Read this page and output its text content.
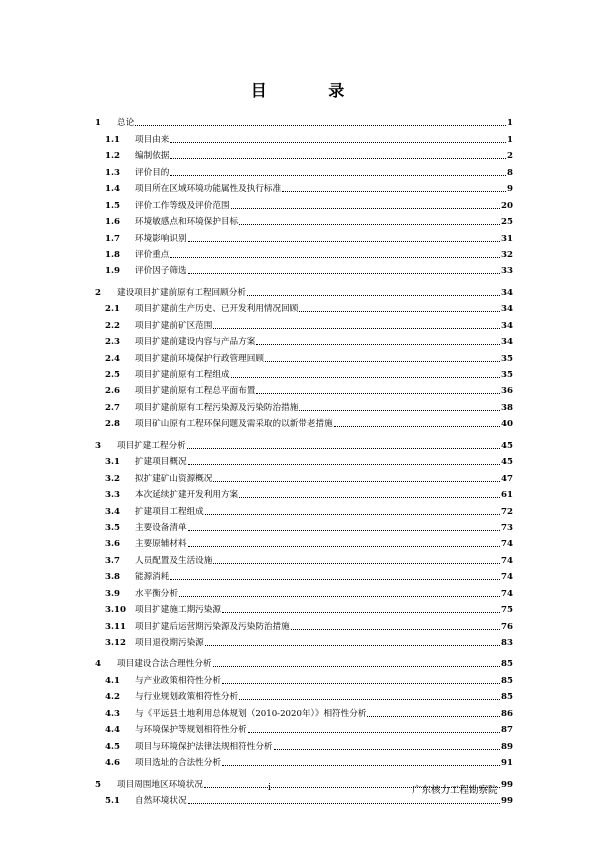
目 录
1	总论	1
1.1	项目由来	1
1.2	编制依据	2
1.3	评价目的	8
1.4	项目所在区域环境功能属性及执行标准	9
1.5	评价工作等级及评价范围	20
1.6	环境敏感点和环境保护目标	25
1.7	环境影响识别	31
1.8	评价重点	32
1.9	评价因子筛选	33
2	建设项目扩建前原有工程回顾分析	34
2.1	项目扩建前生产历史、已开发利用情况回顾	34
2.2	项目扩建前矿区范围	34
2.3	项目扩建前建设内容与产品方案	34
2.4	项目扩建前环境保护行政管理回顾	35
2.5	项目扩建前原有工程组成	35
2.6	项目扩建前原有工程总平面布置	36
2.7	项目扩建前原有工程污染源及污染防治措施	38
2.8	项目矿山原有工程环保问题及需采取的以新带老措施	40
3	项目扩建工程分析	45
3.1	扩建项目概况	45
3.2	拟扩建矿山资源概况	47
3.3	本次延续扩建开发利用方案	61
3.4	扩建项目工程组成	72
3.5	主要设备清单	73
3.6	主要原辅材料	74
3.7	人员配置及生活设施	74
3.8	能源消耗	74
3.9	水平衡分析	74
3.10	项目扩建施工期污染源	75
3.11	项目扩建后运营期污染源及污染防治措施	76
3.12	项目退役期污染源	83
4	项目建设合法合理性分析	85
4.1	与产业政策相符性分析	85
4.2	与行业规划政策相符性分析	85
4.3	与《平远县土地利用总体规划（2010-2020年）》相符性分析	86
4.4	与环境保护等规划相符性分析	87
4.5	项目与环境保护法律法规相符性分析	89
4.6	项目选址的合法性分析	91
5	项目周围地区环境状况	99
5.1	自然环境状况	99
i	广东核力工程勘察院
